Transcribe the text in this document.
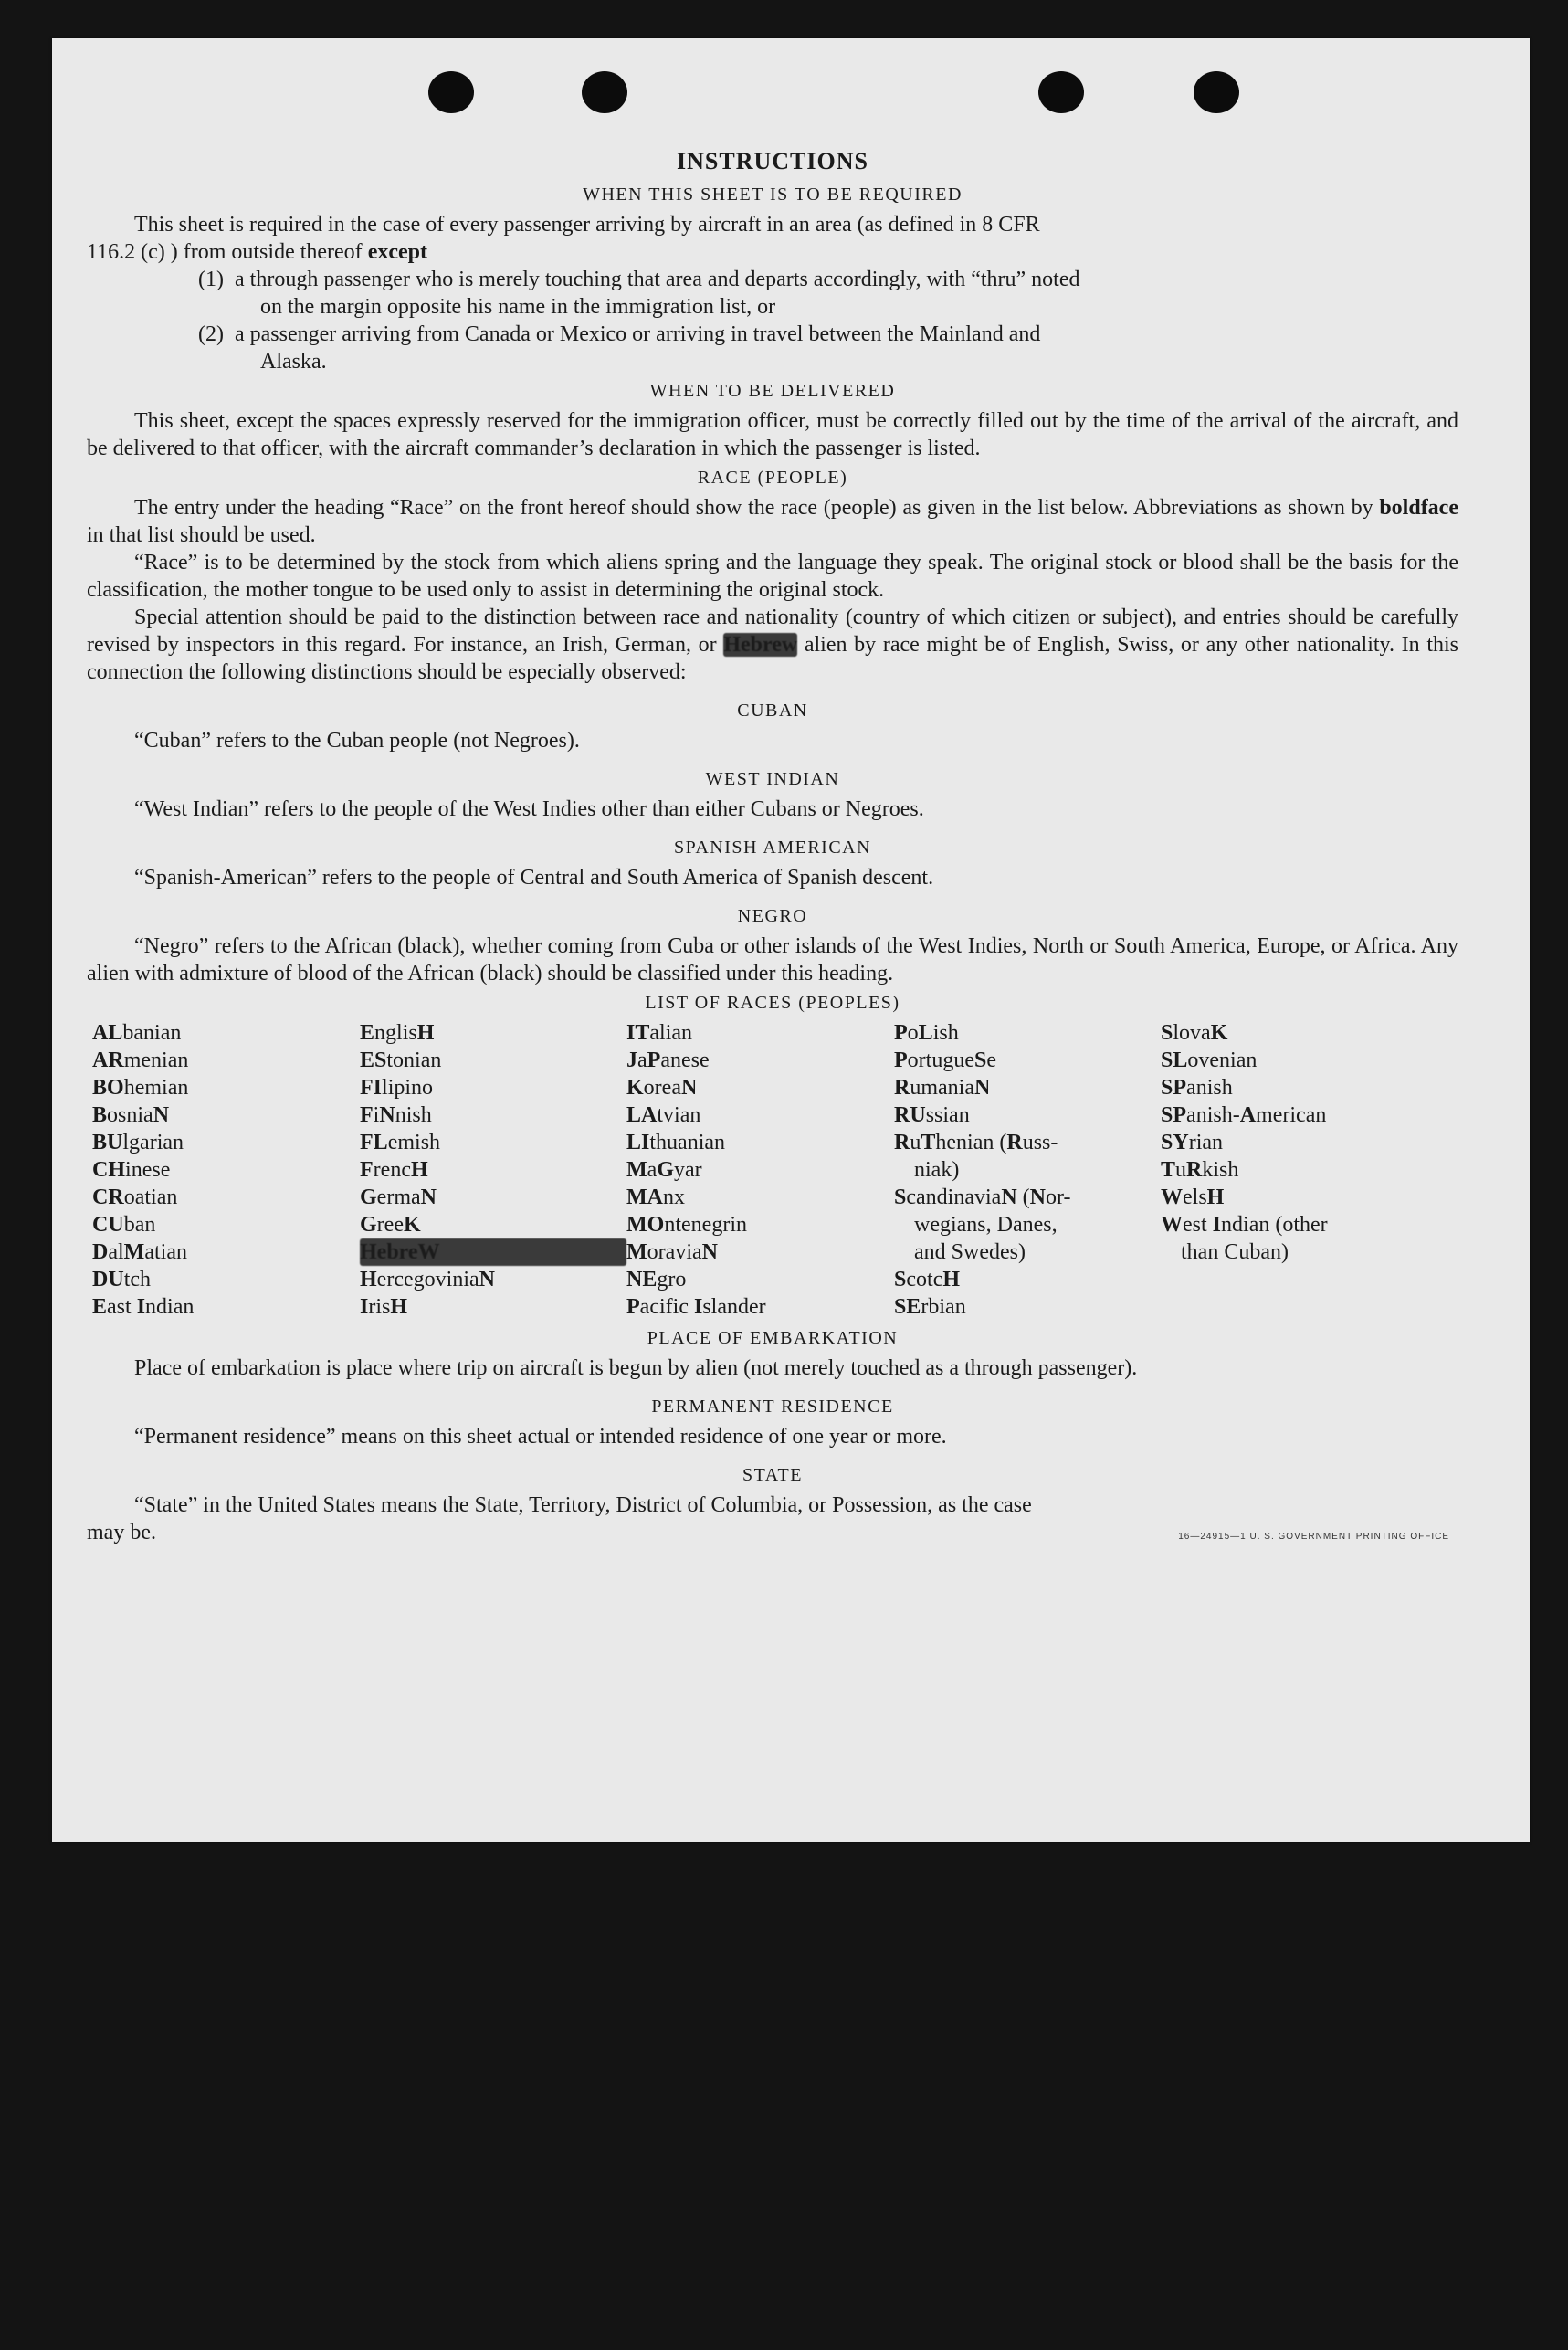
INSTRUCTIONS
WHEN THIS SHEET IS TO BE REQUIRED

This sheet is required in the case of every passenger arriving by aircraft in an area (as defined in 8 CFR

116.2 (c) ) from outside thereof except

(1) a through passenger who is merely touching that area and departs accordingly, with “thru” noted
on the margin opposite his name in the immigration list, or
(2) a passenger arriving from Canada or Mexico or arriving in travel between the Mainland and
Alaska.
WHEN TO BE DELIVERED

This sheet, except the spaces expressly reserved for the immigration officer, must be correctly filled out by the time of the arrival of the aircraft, and be delivered to that officer, with the aircraft commander’s declaration in which the passenger is listed.

RACE (PEOPLE)

The entry under the heading “Race” on the front hereof should show the race (people) as given in the list below. Abbreviations as shown by boldface in that list should be used.

“Race” is to be determined by the stock from which aliens spring and the language they speak. The original stock or blood shall be the basis for the classification, the mother tongue to be used only to assist in determining the original stock.

Special attention should be paid to the distinction between race and nationality (country of which citizen or subject), and entries should be carefully revised by inspectors in this regard. For instance, an Irish, German, or Hebrew alien by race might be of English, Swiss, or any other nationality. In this connection the following distinctions should be especially observed:

CUBAN

“Cuban” refers to the Cuban people (not Negroes).

WEST INDIAN

“West Indian” refers to the people of the West Indies other than either Cubans or Negroes.

SPANISH AMERICAN

“Spanish-American” refers to the people of Central and South America of Spanish descent.

NEGRO

“Negro” refers to the African (black), whether coming from Cuba or other islands of the West Indies, North or South America, Europe, or Africa. Any alien with admixture of blood of the African (black) should be classified under this heading.

LIST OF RACES (PEOPLES)
ALbanian
ARmenian
BOhemian
BosniaN
BUlgarian
CHinese
CRoatian
CUban
DalMatian
DUtch
East Indian
EnglisH
EStonian
FIlipino
FiNnish
FLemish
FrencH
GermaN
GreeK
HebreW
HercegoviniaN
IrisH
ITalian
JaPanese
KoreaN
LAtvian
LIthuanian
MaGyar
MAnx
MOntenegrin
MoraviaN
NEgro
Pacific Islander
PoLish
PortugueSe
RumaniaN
RUssian
RuThenian (Russ-
niak)
ScandinaviaN (Nor-
wegians, Danes,
and Swedes)
ScotcH
SErbian
SlovaK
SLovenian
SPanish
SPanish-American
SYrian
TuRkish
WelsH
West Indian (other
than Cuban)
PLACE OF EMBARKATION

Place of embarkation is place where trip on aircraft is begun by alien (not merely touched as a through passenger).

PERMANENT RESIDENCE

“Permanent residence” means on this sheet actual or intended residence of one year or more.

STATE

“State” in the United States means the State, Territory, District of Columbia, or Possession, as the case

may be.	16—24915—1 U. S. GOVERNMENT PRINTING OFFICE
